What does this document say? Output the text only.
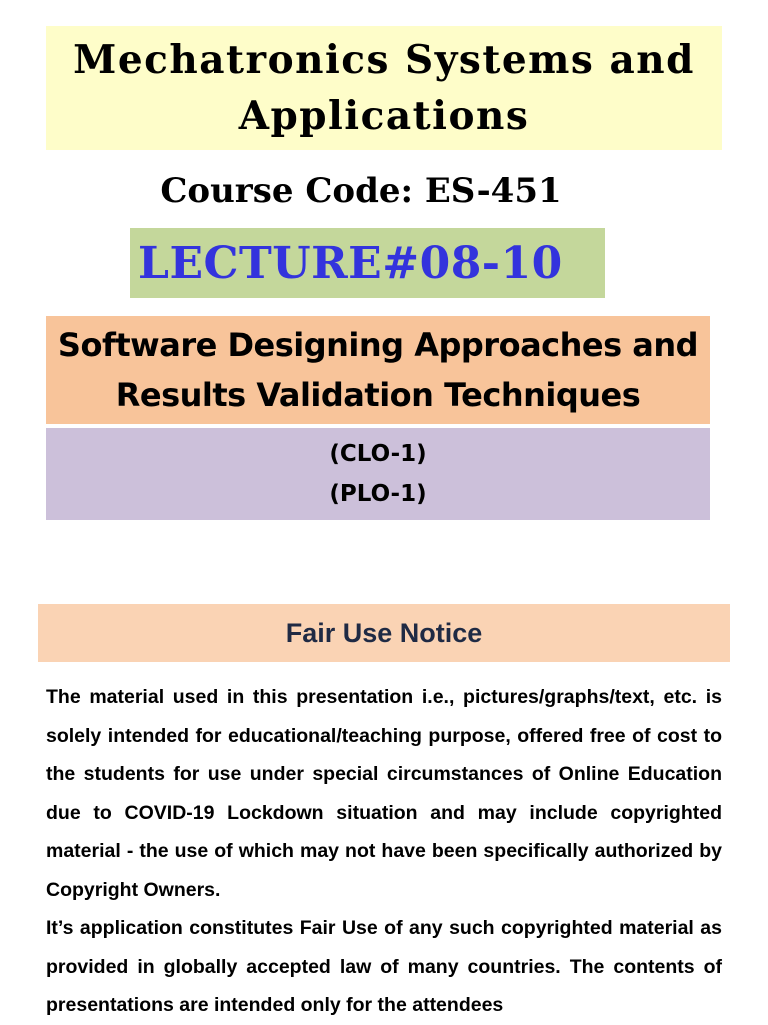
Mechatronics Systems and Applications
Course Code: ES-451
LECTURE#08-10
Software Designing Approaches and Results Validation Techniques
(CLO-1)
(PLO-1)
Fair Use Notice

The material used in this presentation i.e., pictures/graphs/text, etc. is solely intended for educational/teaching purpose, offered free of cost to the students for use under special circumstances of Online Education due to COVID-19 Lockdown situation and may include copyrighted material - the use of which may not have been specifically authorized by Copyright Owners.

It’s application constitutes Fair Use of any such copyrighted material as provided in globally accepted law of many countries. The contents of presentations are intended only for the attendees
